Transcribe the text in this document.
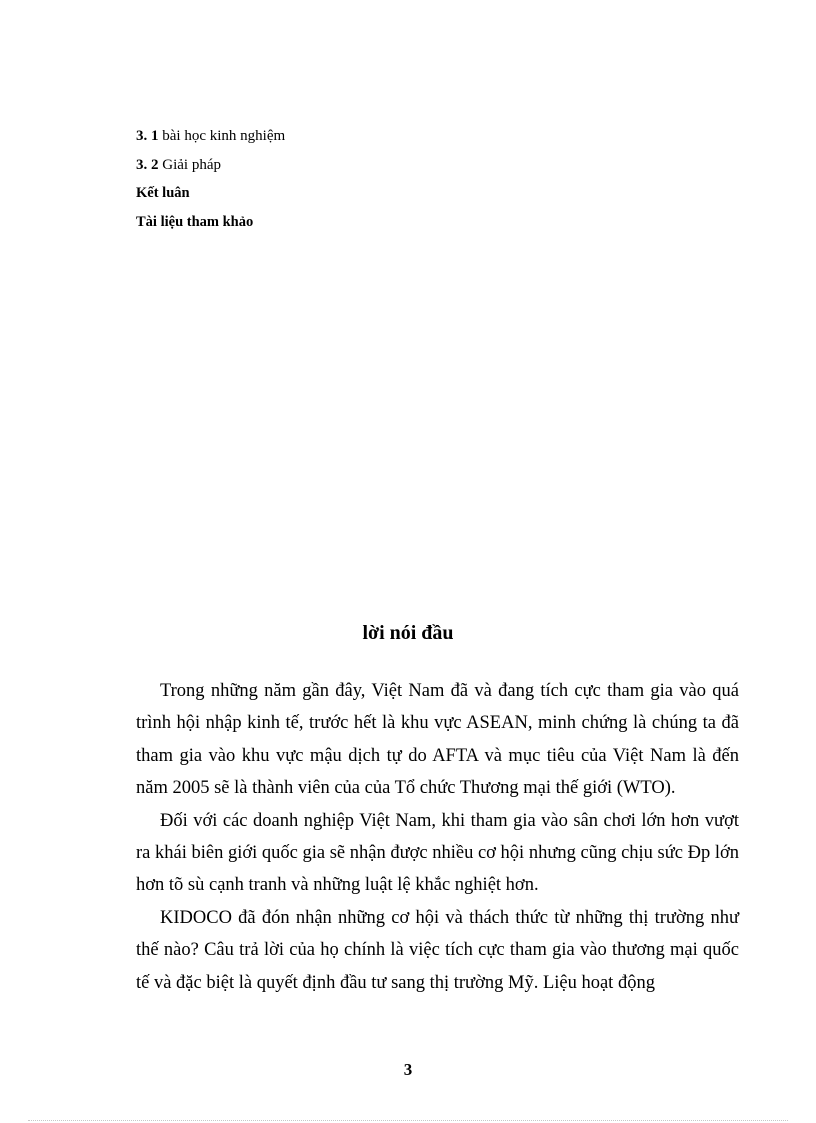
3. 1 bài học kinh nghiệm
3. 2 Giải pháp
Kết luân
Tài liệu tham khảo
lời nói đầu

Trong những năm gần đây, Việt Nam đã và đang tích cực tham gia vào quá trình hội nhập kinh tế, trước hết là khu vực ASEAN, minh chứng là chúng ta đã tham gia vào khu vực mậu dịch tự do AFTA và mục tiêu của Việt Nam là đến năm 2005 sẽ là thành viên của của Tổ chức Thương mại thế giới (WTO).

Đối với các doanh nghiệp Việt Nam, khi tham gia vào sân chơi lớn hơn vượt ra khái biên giới quốc gia sẽ nhận được nhiều cơ hội nhưng cũng chịu sức Đp lớn hơn tõ sù cạnh tranh và những luật lệ khắc nghiệt hơn.

KIDOCO đã đón nhận những cơ hội và thách thức từ những thị trường như thế nào? Câu trả lời của họ chính là việc tích cực tham gia vào thương mại quốc tế và đặc biệt là quyết định đầu tư sang thị trường Mỹ. Liệu hoạt động

3
